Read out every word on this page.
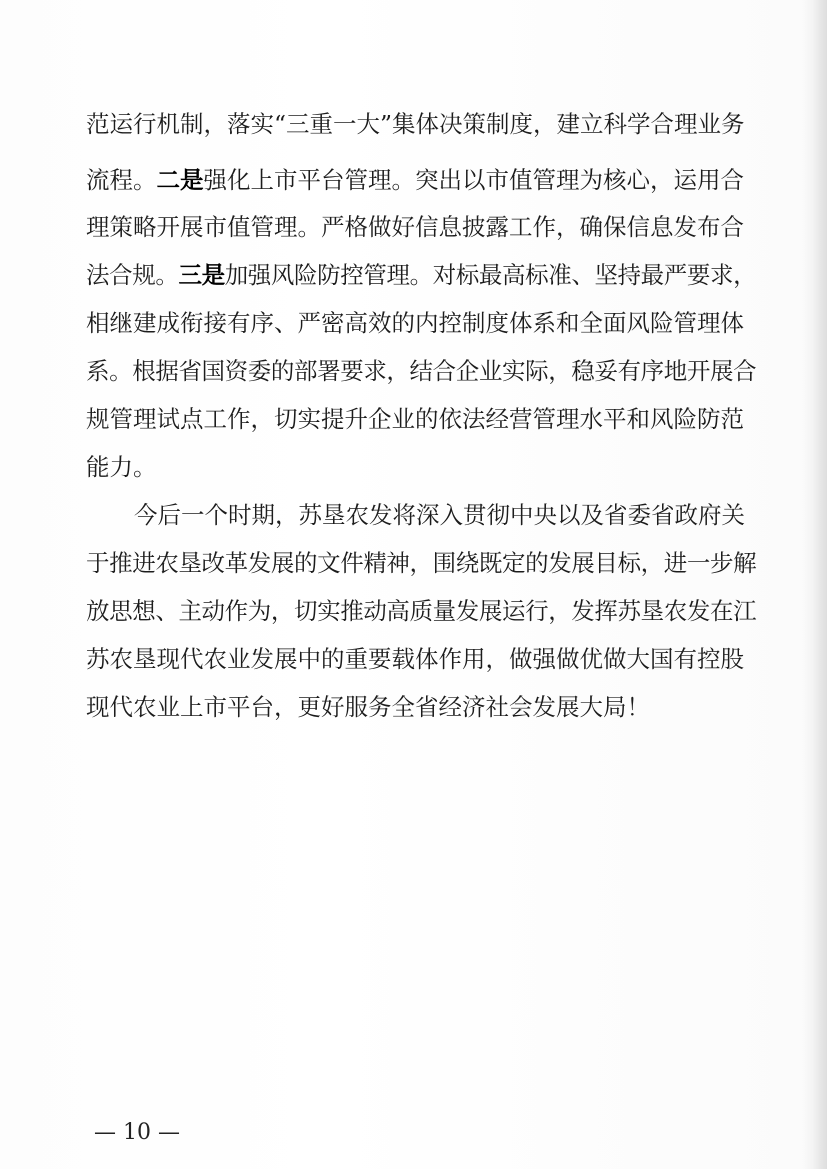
范运行机制，落实“三重一大”集体决策制度，建立科学合理业务
流程。二是强化上市平台管理。突出以市值管理为核心，运用合
理策略开展市值管理。严格做好信息披露工作，确保信息发布合
法合规。三是加强风险防控管理。对标最高标准、坚持最严要求，
相继建成衔接有序、严密高效的内控制度体系和全面风险管理体
系。根据省国资委的部署要求，结合企业实际，稳妥有序地开展合
规管理试点工作，切实提升企业的依法经营管理水平和风险防范
能力。
今后一个时期，苏垦农发将深入贯彻中央以及省委省政府关
于推进农垦改革发展的文件精神，围绕既定的发展目标，进一步解
放思想、主动作为，切实推动高质量发展运行，发挥苏垦农发在江
苏农垦现代农业发展中的重要载体作用，做强做优做大国有控股
现代农业上市平台，更好服务全省经济社会发展大局！
— 10 —
